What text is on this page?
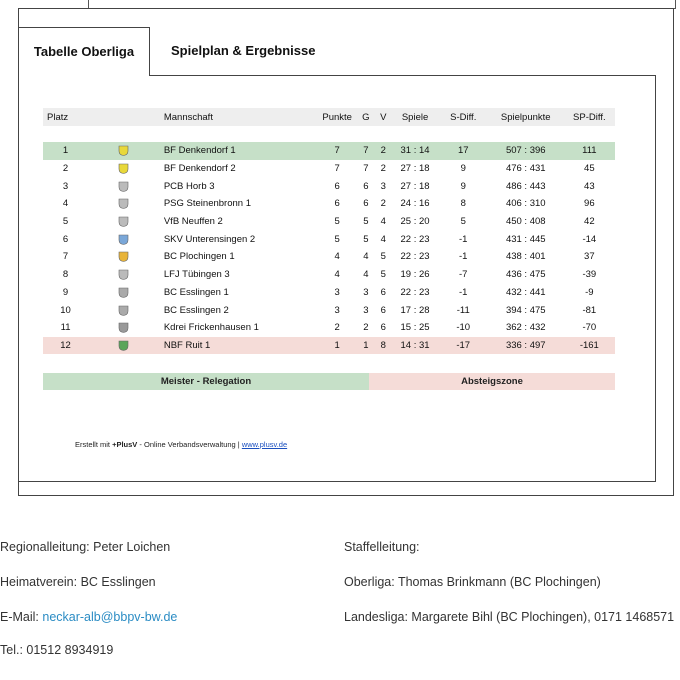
Tabelle Oberliga	Spielplan & Ergebnisse
Platz		Mannschaft	Punkte	G	V	Spiele	S-Diff.	Spielpunkte	SP-Diff.

1		BF Denkendorf 1	7	7	2	31 : 14	17	507 : 396	111
2		BF Denkendorf 2	7	7	2	27 : 18	9	476 : 431	45
3		PCB Horb 3	6	6	3	27 : 18	9	486 : 443	43
4		PSG Steinenbronn 1	6	6	2	24 : 16	8	406 : 310	96
5		VfB Neuffen 2	5	5	4	25 : 20	5	450 : 408	42
6		SKV Unterensingen 2	5	5	4	22 : 23	-1	431 : 445	-14
7		BC Plochingen 1	4	4	5	22 : 23	-1	438 : 401	37
8		LFJ Tübingen 3	4	4	5	19 : 26	-7	436 : 475	-39
9		BC Esslingen 1	3	3	6	22 : 23	-1	432 : 441	-9
10		BC Esslingen 2	3	3	6	17 : 28	-11	394 : 475	-81
11		Kdrei Frickenhausen 1	2	2	6	15 : 25	-10	362 : 432	-70
12		NBF Ruit 1	1	1	8	14 : 31	-17	336 : 497	-161
Meister - Relegation	Absteigszone
Erstellt mit +PlusV - Online Verbandsverwaltung | www.plusv.de
Regionalleitung: Peter Loichen
Heimatverein: BC Esslingen
E-Mail: neckar-alb@bbpv-bw.de
Tel.: 01512 8934919
Staffelleitung:
Oberliga: Thomas Brinkmann (BC Plochingen)
Landesliga: Margarete Bihl (BC Plochingen), 0171 1468571
